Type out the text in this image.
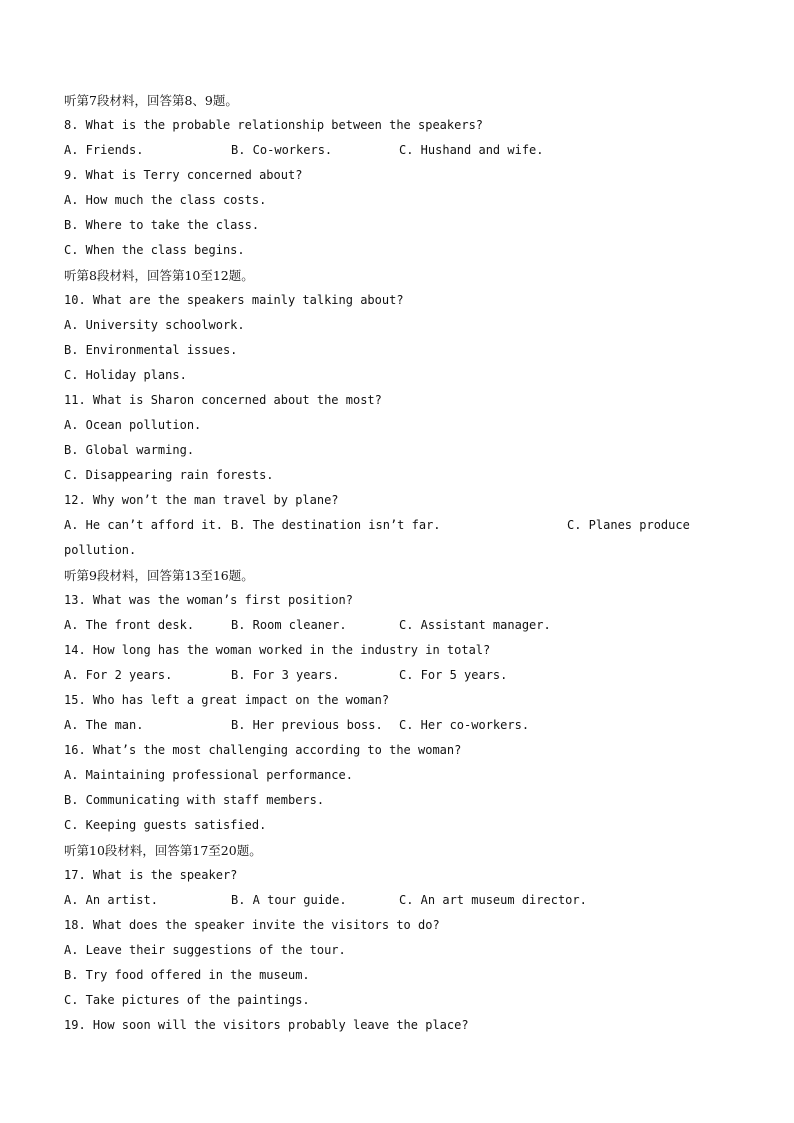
听第7段材料，回答第8、9题。
8. What is the probable relationship between the speakers?

A. Friends.

	B. Co-workers.

	C. Hushand and wife.

9. What is Terry concerned about?
A. How much the class costs.
B. Where to take the class.
C. When the class begins.
听第8段材料，回答第10至12题。
10. What are the speakers mainly talking about?
A. University schoolwork.
B. Environmental issues.
C. Holiday plans.
11. What is Sharon concerned about the most?
A. Ocean pollution.
B. Global warming.
C. Disappearing rain forests.
12. Why won’t the man travel by plane?

A. He can’t afford it.

B. The destination isn’t far.

	C. Planes produce

pollution.
听第9段材料，回答第13至16题。
13. What was the woman’s first position?

A. The front desk.

	B. Room cleaner.

	C. Assistant manager.

14. How long has the woman worked in the industry in total?

A. For 2 years.

	B. For 3 years.

	C. For 5 years.

15. Who has left a great impact on the woman?

A. The man.

	B. Her previous boss.

C. Her co-workers.

16. What’s the most challenging according to the woman?
A. Maintaining professional performance.
B. Communicating with staff members.
C. Keeping guests satisfied.
听第10段材料，回答第17至20题。
17. What is the speaker?

A. An artist.

	B. A tour guide.

	C. An art museum director.

18. What does the speaker invite the visitors to do?
A. Leave their suggestions of the tour.
B. Try food offered in the museum.
C. Take pictures of the paintings.
19. How soon will the visitors probably leave the place?
